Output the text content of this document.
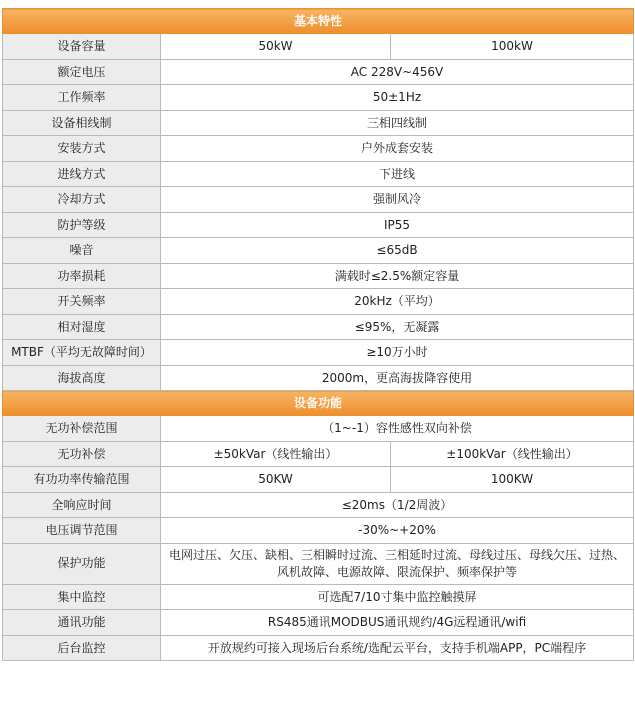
基本特性		
设备容量	50kW	100kW
额定电压	AC 228V~456V	
工作频率	50±1Hz	
设备相线制	三相四线制	
安装方式	户外成套安装	
进线方式	下进线	
冷却方式	强制风冷	
防护等级	IP55	
噪音	≤65dB	
功率损耗	满载时≤2.5%额定容量	
开关频率	20kHz（平均）	
相对湿度	≤95%，无凝露	
MTBF（平均无故障时间）	≥10万小时	
海拔高度	2000m，更高海拔降容使用	
设备功能		
无功补偿范围	（1~-1）容性感性双向补偿	
无功补偿	±50kVar（线性输出）	±100kVar（线性输出）
有功功率传输范围	50KW	100KW
全响应时间	≤20ms（1/2周波）	
电压调节范围	-30%~+20%	
保护功能	电网过压、欠压、缺相、三相瞬时过流、三相延时过流、母线过压、母线欠压、过热、风机故障、电源故障、限流保护、频率保护等	
集中监控	可选配7/10寸集中监控触摸屏	
通讯功能	RS485通讯MODBUS通讯规约/4G远程通讯/wifi	
后台监控	开放规约可接入现场后台系统/选配云平台，支持手机端APP，PC端程序	
